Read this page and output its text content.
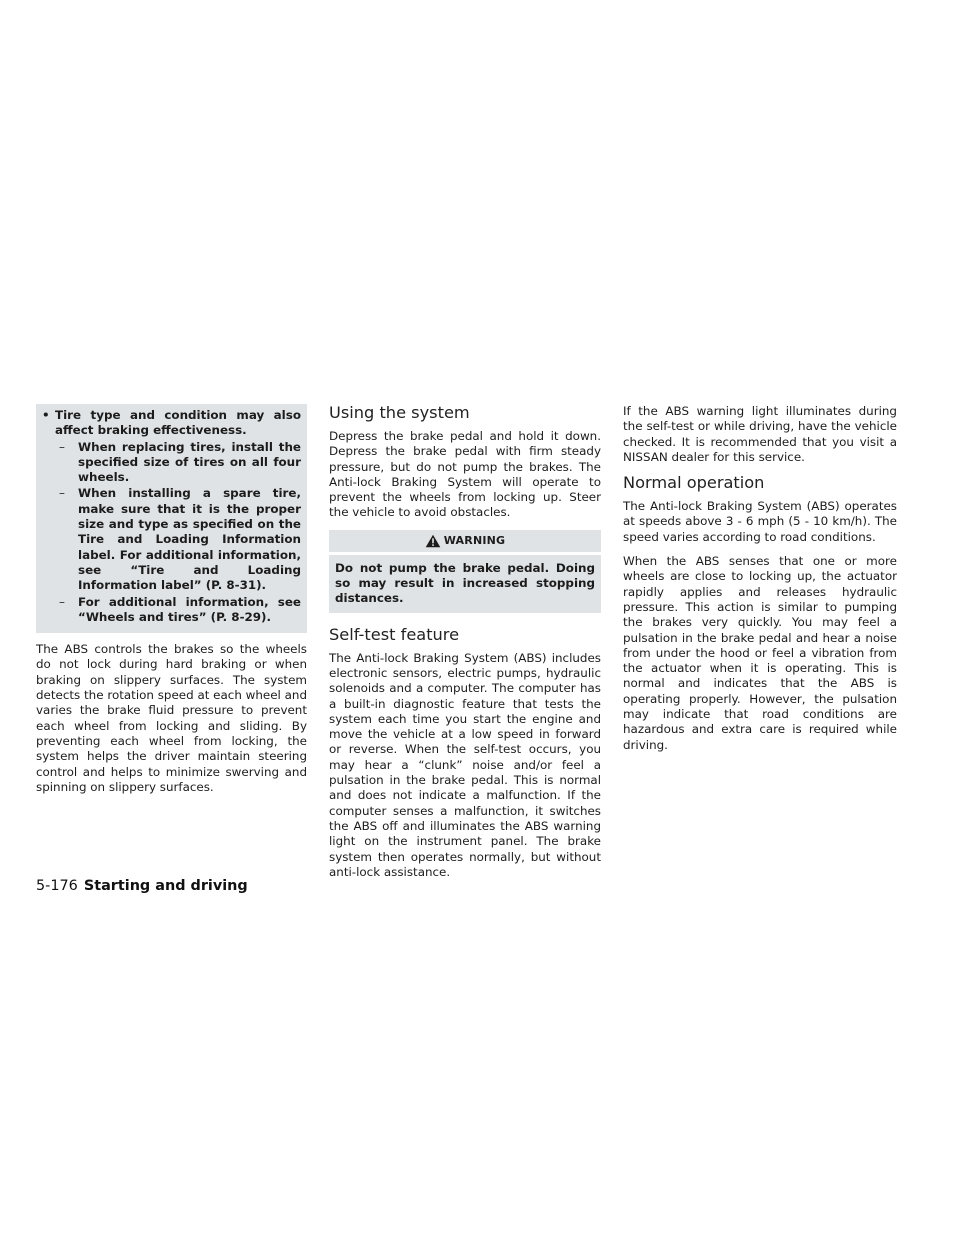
• Tire type and condition may also affect braking effectiveness.
– When replacing tires, install the specified size of tires on all four wheels.
– When installing a spare tire, make sure that it is the proper size and type as specified on the Tire and Loading Information label. For additional information, see “Tire and Loading Information label” (P. 8-31).
– For additional information, see “Wheels and tires” (P. 8-29).

The ABS controls the brakes so the wheels do not lock during hard braking or when braking on slippery surfaces. The system detects the rotation speed at each wheel and varies the brake fluid pressure to prevent each wheel from locking and sliding. By preventing each wheel from locking, the system helps the driver maintain steering control and helps to minimize swerving and spinning on slippery surfaces.

Using the system

Depress the brake pedal and hold it down. Depress the brake pedal with firm steady pressure, but do not pump the brakes. The Anti-lock Braking System will operate to prevent the wheels from locking up. Steer the vehicle to avoid obstacles.

WARNING
Do not pump the brake pedal. Doing so may result in increased stopping distances.
Self-test feature

The Anti-lock Braking System (ABS) includes electronic sensors, electric pumps, hydraulic solenoids and a computer. The computer has a built-in diagnostic feature that tests the system each time you start the engine and move the vehicle at a low speed in forward or reverse. When the self-test occurs, you may hear a “clunk” noise and/or feel a pulsation in the brake pedal. This is normal and does not indicate a malfunction. If the computer senses a malfunction, it switches the ABS off and illuminates the ABS warning light on the instrument panel. The brake system then operates normally, but without anti-lock assistance.

If the ABS warning light illuminates during the self-test or while driving, have the vehicle checked. It is recommended that you visit a NISSAN dealer for this service.

Normal operation

The Anti-lock Braking System (ABS) operates at speeds above 3 - 6 mph (5 - 10 km/h). The speed varies according to road conditions.

When the ABS senses that one or more wheels are close to locking up, the actuator rapidly applies and releases hydraulic pressure. This action is similar to pumping the brakes very quickly. You may feel a pulsation in the brake pedal and hear a noise from under the hood or feel a vibration from the actuator when it is operating. This is normal and indicates that the ABS is operating properly. However, the pulsation may indicate that road conditions are hazardous and extra care is required while driving.

5-176 Starting and driving
